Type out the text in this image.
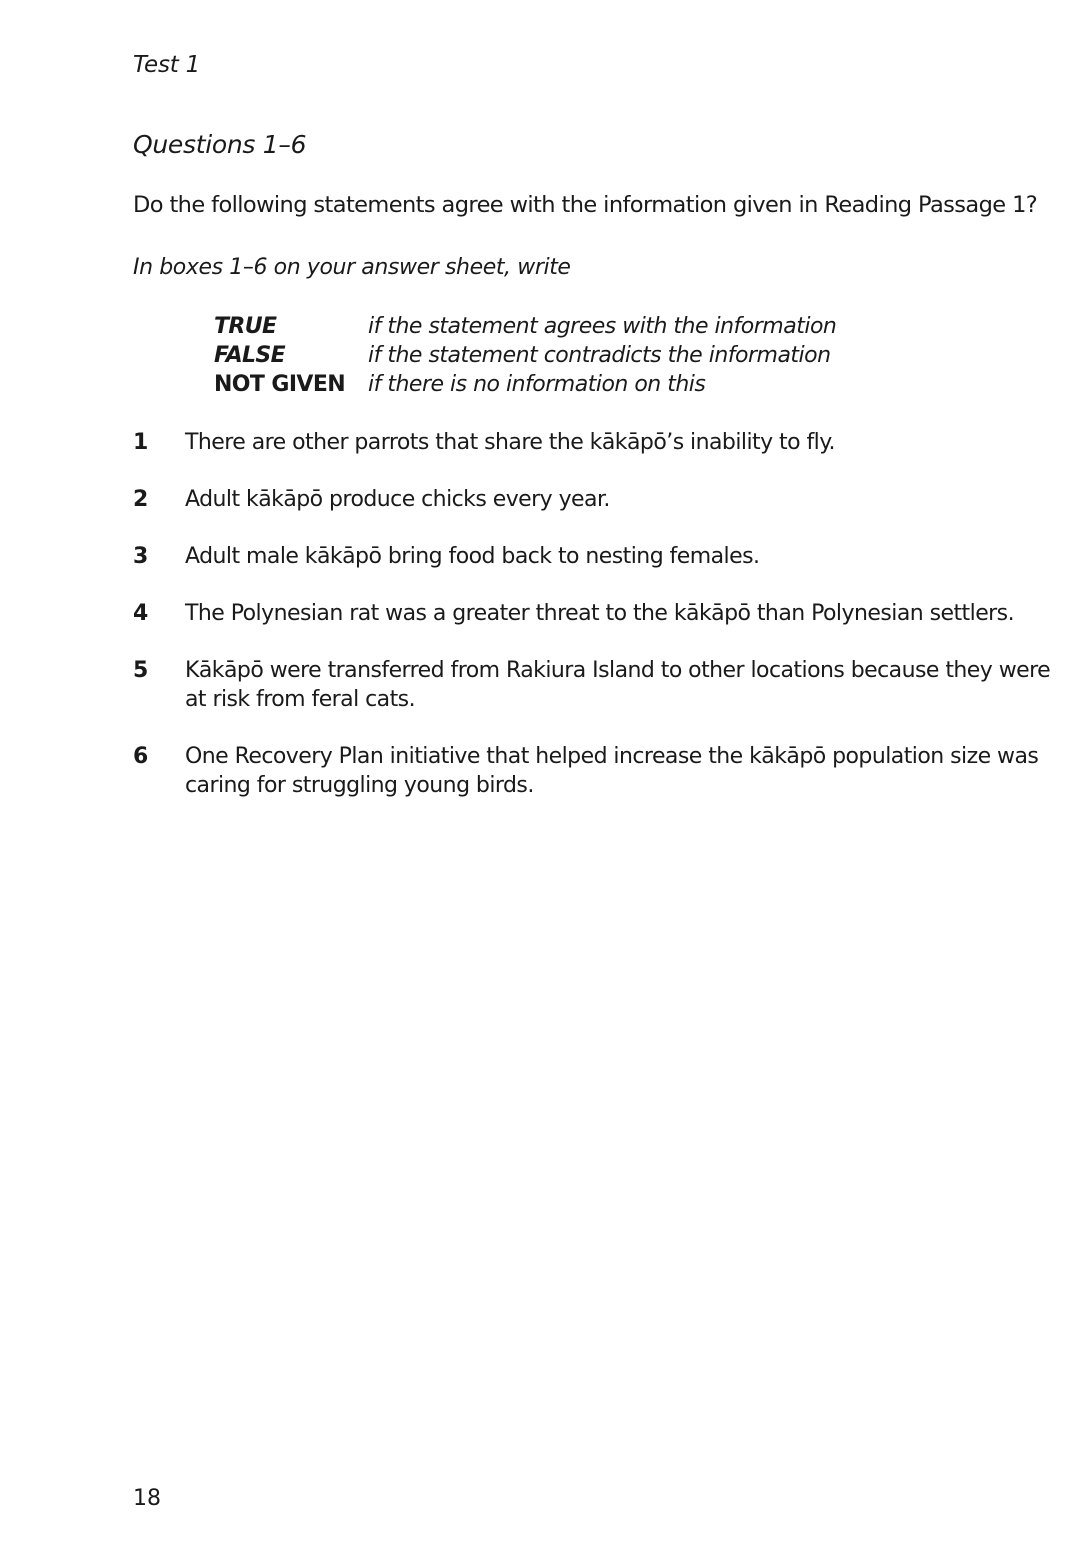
Test 1
Questions 1–6
Do the following statements agree with the information given in Reading Passage 1?
In boxes 1–6 on your answer sheet, write
TRUE	if the statement agrees with the information
FALSE	if the statement contradicts the information
NOT GIVEN	if there is no information on this
1	There are other parrots that share the kākāpō’s inability to fly.
2	Adult kākāpō produce chicks every year.
3	Adult male kākāpō bring food back to nesting females.
4	The Polynesian rat was a greater threat to the kākāpō than Polynesian settlers.
5	Kākāpō were transferred from Rakiura Island to other locations because they were at risk from feral cats.
6	One Recovery Plan initiative that helped increase the kākāpō population size was caring for struggling young birds.
18
